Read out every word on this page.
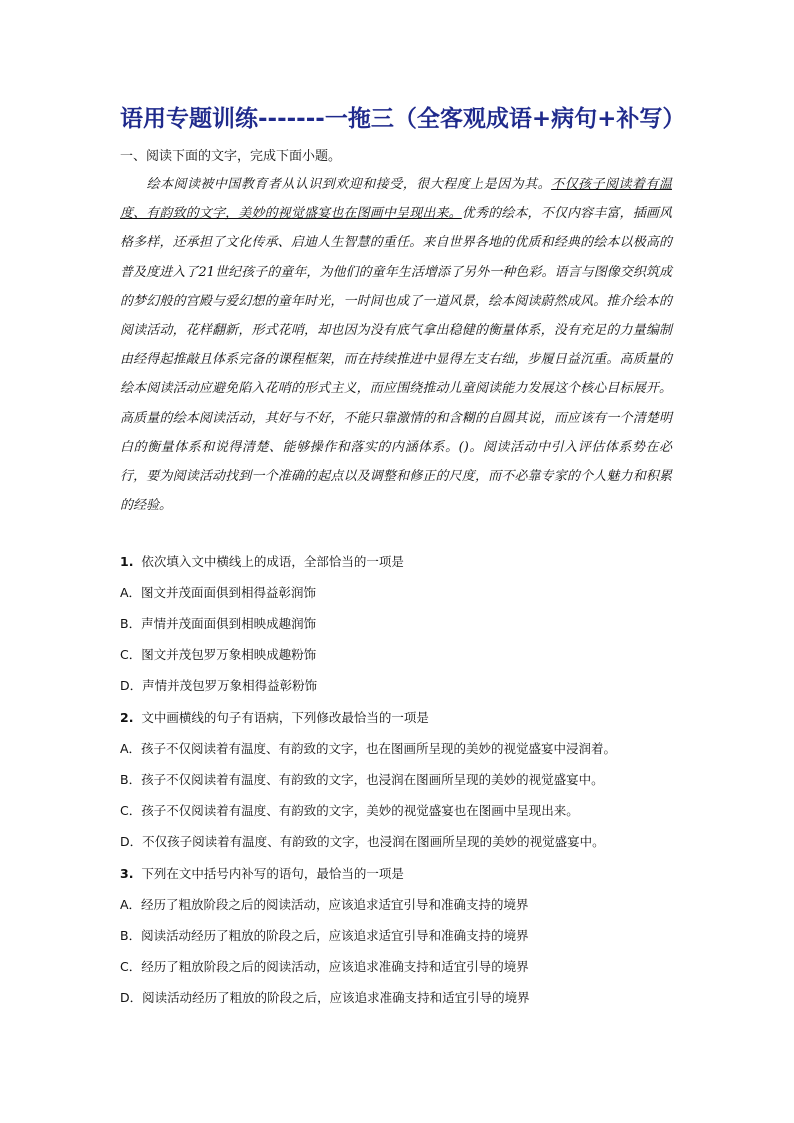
语用专题训练-------一拖三（全客观成语+病句+补写）
一、阅读下面的文字，完成下面小题。
绘本阅读被中国教育者从认识到欢迎和接受，很大程度上是因为其。不仅孩子阅读着有温度、有韵致的文字，美妙的视觉盛宴也在图画中呈现出来。优秀的绘本，不仅内容丰富，插画风格多样，还承担了文化传承、启迪人生智慧的重任。来自世界各地的优质和经典的绘本以极高的普及度进入了21世纪孩子的童年，为他们的童年生活增添了另外一种色彩。语言与图像交织筑成的梦幻般的宫殿与爱幻想的童年时光，一时间也成了一道风景，绘本阅读蔚然成风。推介绘本的阅读活动，花样翻新，形式花哨，却也因为没有底气拿出稳健的衡量体系，没有充足的力量编制由经得起推敲且体系完备的课程框架，而在持续推进中显得左支右绌，步履日益沉重。高质量的绘本阅读活动应避免陷入花哨的形式主义，而应围绕推动儿童阅读能力发展这个核心目标展开。高质量的绘本阅读活动，其好与不好，不能只靠激情的和含糊的自圆其说，而应该有一个清楚明白的衡量体系和说得清楚、能够操作和落实的内涵体系。()。阅读活动中引入评估体系势在必行，要为阅读活动找到一个准确的起点以及调整和修正的尺度，而不必靠专家的个人魅力和积累的经验。
1. 依次填入文中横线上的成语，全部恰当的一项是
A．图文并茂面面俱到相得益彰润饰
B．声情并茂面面俱到相映成趣润饰
C．图文并茂包罗万象相映成趣粉饰
D．声情并茂包罗万象相得益彰粉饰
2. 文中画横线的句子有语病，下列修改最恰当的一项是
A．孩子不仅阅读着有温度、有韵致的文字，也在图画所呈现的美妙的视觉盛宴中浸润着。
B．孩子不仅阅读着有温度、有韵致的文字，也浸润在图画所呈现的美妙的视觉盛宴中。
C．孩子不仅阅读着有温度、有韵致的文字，美妙的视觉盛宴也在图画中呈现出来。
D．不仅孩子阅读着有温度、有韵致的文字，也浸润在图画所呈现的美妙的视觉盛宴中。
3. 下列在文中括号内补写的语句，最恰当的一项是
A．经历了粗放阶段之后的阅读活动，应该追求适宜引导和准确支持的境界
B．阅读活动经历了粗放的阶段之后，应该追求适宜引导和准确支持的境界
C．经历了粗放阶段之后的阅读活动，应该追求准确支持和适宜引导的境界
D．阅读活动经历了粗放的阶段之后，应该追求准确支持和适宜引导的境界
